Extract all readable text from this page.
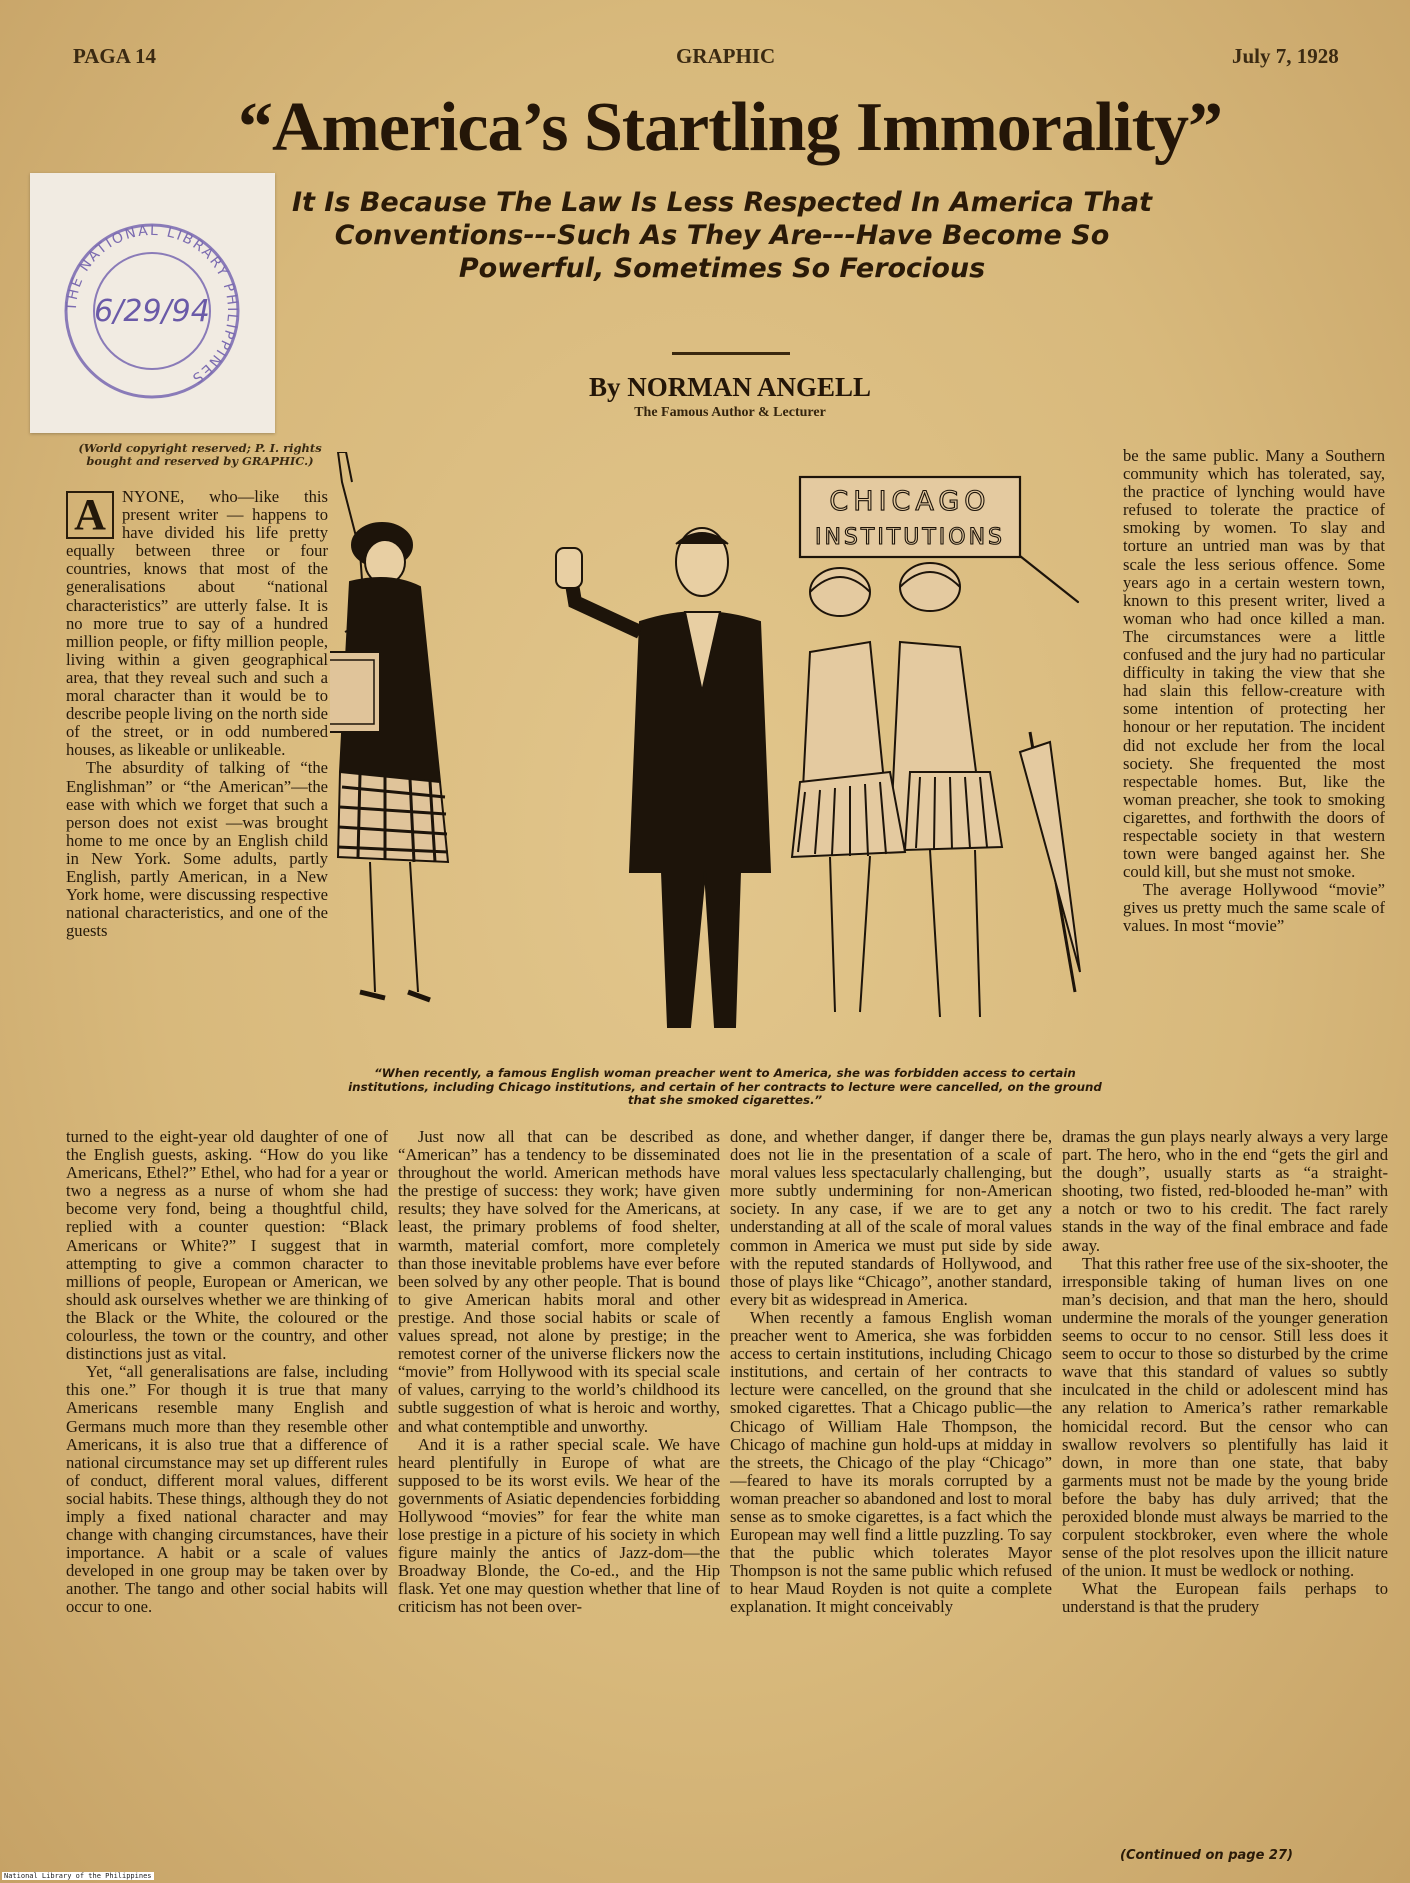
PAGA 14	GRAPHIC	July 7, 1928
“America’s Startling Immorality”
It Is Because The Law Is Less Respected In America That Conventions---Such As They Are---Have Become So Powerful, Sometimes So Ferocious
By NORMAN ANGELL
The Famous Author & Lecturer
THE NATIONAL LIBRARY PHILIPPINES
6/29/94
(World copyright reserved; P. I. rights bought and reserved by GRAPHIC.)

A NYONE, who—like this present writer — happens to have divided his life pretty equally between three or four countries, knows that most of the generalisations about “national characteristics” are utterly false. It is no more true to say of a hundred million people, or fifty million people, living within a given geographical area, that they reveal such and such a moral character than it would be to describe people living on the north side of the street, or in odd numbered houses, as likeable or unlikeable.

The absurdity of talking of “the Englishman” or “the American”—the ease with which we forget that such a person does not exist —was brought home to me once by an English child in New York. Some adults, partly English, partly American, in a New York home, were discussing respective national characteristics, and one of the guests

CHICAGO
INSTITUTIONS
“When recently, a famous English woman preacher went to America, she was forbidden access to certain institutions, including Chicago institutions, and certain of her contracts to lecture were cancelled, on the ground that she smoked cigarettes.”

be the same public. Many a Southern community which has tolerated, say, the practice of lynching would have refused to tolerate the practice of smoking by women. To slay and torture an untried man was by that scale the less serious offence. Some years ago in a certain western town, known to this present writer, lived a woman who had once killed a man. The circumstances were a little confused and the jury had no particular difficulty in taking the view that she had slain this fellow-creature with some intention of protecting her honour or her reputation. The incident did not exclude her from the local society. She frequented the most respectable homes. But, like the woman preacher, she took to smoking cigarettes, and forthwith the doors of respectable society in that western town were banged against her. She could kill, but she must not smoke.

The average Hollywood “movie” gives us pretty much the same scale of values. In most “movie”

turned to the eight-year old daughter of one of the English guests, asking. “How do you like Americans, Ethel?” Ethel, who had for a year or two a negress as a nurse of whom she had become very fond, being a thoughtful child, replied with a counter question: “Black Americans or White?” I suggest that in attempting to give a common character to millions of people, European or American, we should ask ourselves whether we are thinking of the Black or the White, the coloured or the colourless, the town or the country, and other distinctions just as vital.

Yet, “all generalisations are false, including this one.” For though it is true that many Americans resemble many English and Germans much more than they resemble other Americans, it is also true that a difference of national circumstance may set up different rules of conduct, different moral values, different social habits. These things, although they do not imply a fixed national character and may change with changing circumstances, have their importance. A habit or a scale of values developed in one group may be taken over by another. The tango and other social habits will occur to one.

Just now all that can be described as “American” has a tendency to be disseminated throughout the world. American methods have the prestige of success: they work; have given results; they have solved for the Americans, at least, the primary problems of food shelter, warmth, material comfort, more completely than those inevitable problems have ever before been solved by any other people. That is bound to give American habits moral and other prestige. And those social habits or scale of values spread, not alone by prestige; in the remotest corner of the universe flickers now the “movie” from Hollywood with its special scale of values, carrying to the world’s childhood its subtle suggestion of what is heroic and worthy, and what contemptible and unworthy.

And it is a rather special scale. We have heard plentifully in Europe of what are supposed to be its worst evils. We hear of the governments of Asiatic dependencies forbidding Hollywood “movies” for fear the white man lose prestige in a picture of his society in which figure mainly the antics of Jazz-dom—the Broadway Blonde, the Co-ed., and the Hip flask. Yet one may question whether that line of criticism has not been over-

done, and whether danger, if danger there be, does not lie in the presentation of a scale of moral values less spectacularly challenging, but more subtly undermining for non-American society. In any case, if we are to get any understanding at all of the scale of moral values common in America we must put side by side with the reputed standards of Hollywood, and those of plays like “Chicago”, another standard, every bit as widespread in America.

When recently a famous English woman preacher went to America, she was forbidden access to certain institutions, including Chicago institutions, and certain of her contracts to lecture were cancelled, on the ground that she smoked cigarettes. That a Chicago public—the Chicago of William Hale Thompson, the Chicago of machine gun hold-ups at midday in the streets, the Chicago of the play “Chicago” —feared to have its morals corrupted by a woman preacher so abandoned and lost to moral sense as to smoke cigarettes, is a fact which the European may well find a little puzzling. To say that the public which tolerates Mayor Thompson is not the same public which refused to hear Maud Royden is not quite a complete explanation. It might conceivably

dramas the gun plays nearly always a very large part. The hero, who in the end “gets the girl and the dough”, usually starts as “a straight-shooting, two fisted, red-blooded he-man” with a notch or two to his credit. The fact rarely stands in the way of the final embrace and fade away.

That this rather free use of the six-shooter, the irresponsible taking of human lives on one man’s decision, and that man the hero, should undermine the morals of the younger generation seems to occur to no censor. Still less does it seem to occur to those so disturbed by the crime wave that this standard of values so subtly inculcated in the child or adolescent mind has any relation to America’s rather remarkable homicidal record. But the censor who can swallow revolvers so plentifully has laid it down, in more than one state, that baby garments must not be made by the young bride before the baby has duly arrived; that the peroxided blonde must always be married to the corpulent stockbroker, even where the whole sense of the plot resolves upon the illicit nature of the union. It must be wedlock or nothing.

What the European fails perhaps to understand is that the prudery

(Continued on page 27)
National Library of the Philippines
